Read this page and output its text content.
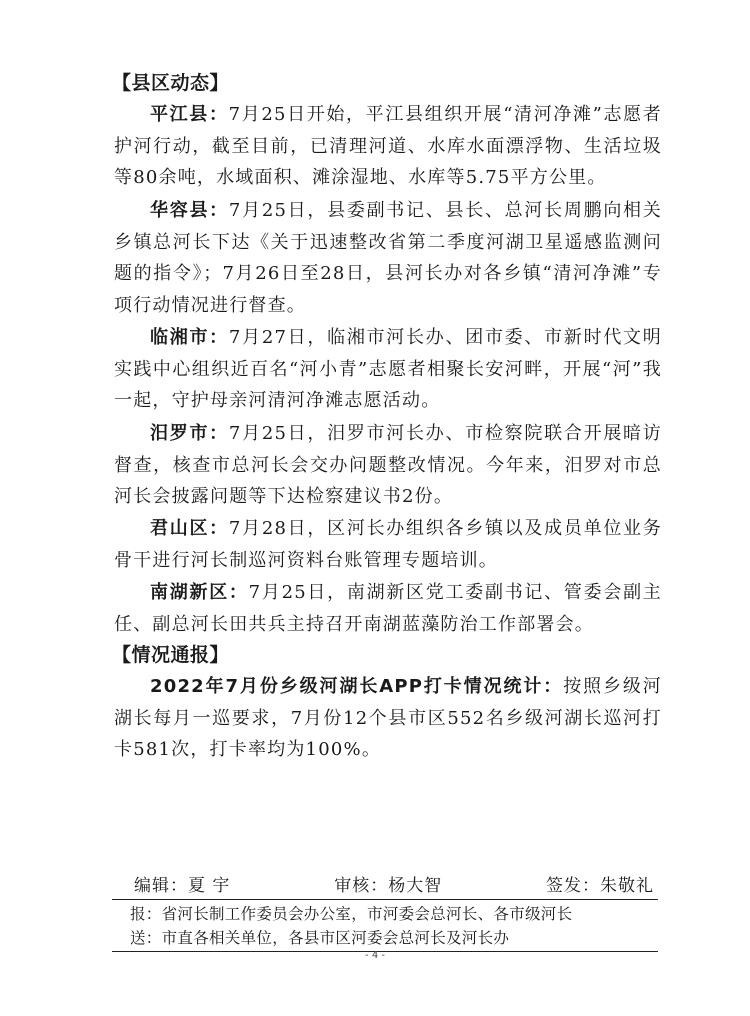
【县区动态】
平江县：7月25日开始，平江县组织开展“清河净滩”志愿者护河行动，截至目前，已清理河道、水库水面漂浮物、生活垃圾等80余吨，水域面积、滩涂湿地、水库等5.75平方公里。
华容县：7月25日，县委副书记、县长、总河长周鹏向相关乡镇总河长下达《关于迅速整改省第二季度河湖卫星遥感监测问题的指令》；7月26日至28日，县河长办对各乡镇“清河净滩”专项行动情况进行督查。
临湘市：7月27日，临湘市河长办、团市委、市新时代文明实践中心组织近百名“河小青”志愿者相聚长安河畔，开展“河”我一起，守护母亲河清河净滩志愿活动。
汨罗市：7月25日，汨罗市河长办、市检察院联合开展暗访督查，核查市总河长会交办问题整改情况。今年来，汨罗对市总河长会披露问题等下达检察建议书2份。
君山区：7月28日，区河长办组织各乡镇以及成员单位业务骨干进行河长制巡河资料台账管理专题培训。
南湖新区：7月25日，南湖新区党工委副书记、管委会副主任、副总河长田共兵主持召开南湖蓝藻防治工作部署会。
【情况通报】
2022年7月份乡级河湖长APP打卡情况统计：按照乡级河湖长每月一巡要求，7月份12个县市区552名乡级河湖长巡河打卡581次，打卡率均为100%。
编辑：夏 宇	审核：杨大智	签发：朱敬礼
报：省河长制工作委员会办公室，市河委会总河长、各市级河长
送：市直各相关单位，各县市区河委会总河长及河长办
- 4 -
